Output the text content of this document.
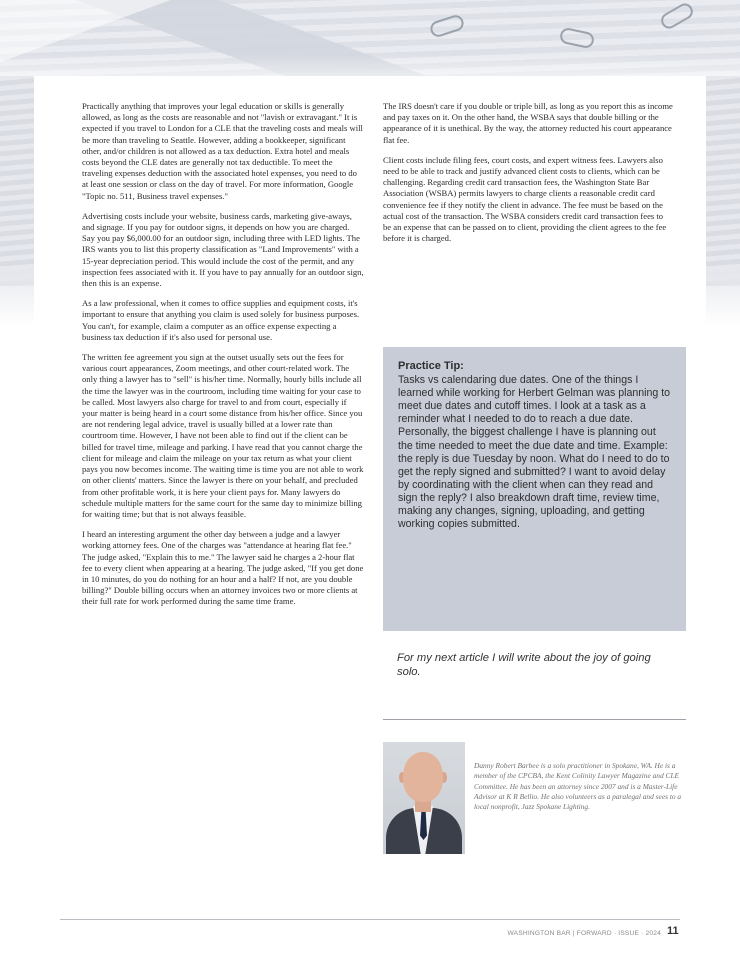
Practically anything that improves your legal education or skills is generally allowed, as long as the costs are reasonable and not "lavish or extravagant." It is expected if you travel to London for a CLE that the traveling costs and meals will be more than traveling to Seattle. However, adding a bookkeeper, significant other, and/or children is not allowed as a tax deduction. Extra hotel and meals costs beyond the CLE dates are generally not tax deductible. To meet the traveling expenses deduction with the associated hotel expenses, you need to do at least one session or class on the day of travel. For more information, Google "Topic no. 511, Business travel expenses."

Advertising costs include your website, business cards, marketing give-aways, and signage. If you pay for outdoor signs, it depends on how you are charged. Say you pay $6,000.00 for an outdoor sign, including three with LED lights. The IRS wants you to list this property classification as "Land Improvements" with a 15-year depreciation period. This would include the cost of the permit, and any inspection fees associated with it. If you have to pay annually for an outdoor sign, then this is an expense.

As a law professional, when it comes to office supplies and equipment costs, it's important to ensure that anything you claim is used solely for business purposes. You can't, for example, claim a computer as an office expense expecting a business tax deduction if it's also used for personal use.

The written fee agreement you sign at the outset usually sets out the fees for various court appearances, Zoom meetings, and other court-related work. The only thing a lawyer has to "sell" is his/her time. Normally, hourly bills include all the time the lawyer was in the courtroom, including time waiting for your case to be called. Most lawyers also charge for travel to and from court, especially if your matter is being heard in a court some distance from his/her office. Since you are not rendering legal advice, travel is usually billed at a lower rate than courtroom time. However, I have not been able to find out if the client can be billed for travel time, mileage and parking. I have read that you cannot charge the client for mileage and claim the mileage on your tax return as what your client pays you now becomes income. The waiting time is time you are not able to work on other clients' matters. Since the lawyer is there on your behalf, and precluded from other profitable work, it is here your client pays for. Many lawyers do schedule multiple matters for the same court for the same day to minimize billing for waiting time; but that is not always feasible.

I heard an interesting argument the other day between a judge and a lawyer working attorney fees. One of the charges was "attendance at hearing flat fee." The judge asked, "Explain this to me." The lawyer said he charges a 2-hour flat fee to every client when appearing at a hearing. The judge asked, "If you get done in 10 minutes, do you do nothing for an hour and a half? If not, are you double billing?" Double billing occurs when an attorney invoices two or more clients at their full rate for work performed during the same time frame.

The IRS doesn't care if you double or triple bill, as long as you report this as income and pay taxes on it. On the other hand, the WSBA says that double billing or the appearance of it is unethical. By the way, the attorney reducted his court appearance flat fee.

Client costs include filing fees, court costs, and expert witness fees. Lawyers also need to be able to track and justify advanced client costs to clients, which can be challenging. Regarding credit card transaction fees, the Washington State Bar Association (WSBA) permits lawyers to charge clients a reasonable credit card convenience fee if they notify the client in advance. The fee must be based on the actual cost of the transaction. The WSBA considers credit card transaction fees to be an expense that can be passed on to client, providing the client agrees to the fee before it is charged.

Practice Tip:
Tasks vs calendaring due dates. One of the things I learned while working for Herbert Gelman was planning to meet due dates and cutoff times. I look at a task as a reminder what I needed to do to reach a due date. Personally, the biggest challenge I have is planning out the time needed to meet the due date and time. Example: the reply is due Tuesday by noon. What do I need to do to get the reply signed and submitted? I want to avoid delay by coordinating with the client when can they read and sign the reply? I also breakdown draft time, review time, making any changes, signing, uploading, and getting working copies submitted.
For my next article I will write about the joy of going solo.
Danny Robert Barbee is a solo practitioner in Spokane, WA. He is a member of the CPCBA, the Kent Colinity Lawyer Magazine and CLE Committee. He has been an attorney since 2007 and is a Master-Life Advisor at K R Bellio. He also volunteers as a paralegal and sees to a local nonprofit, Jazz Spokane Lighting.
WASHINGTON BAR | FORWARD · ISSUE · 2024 11
